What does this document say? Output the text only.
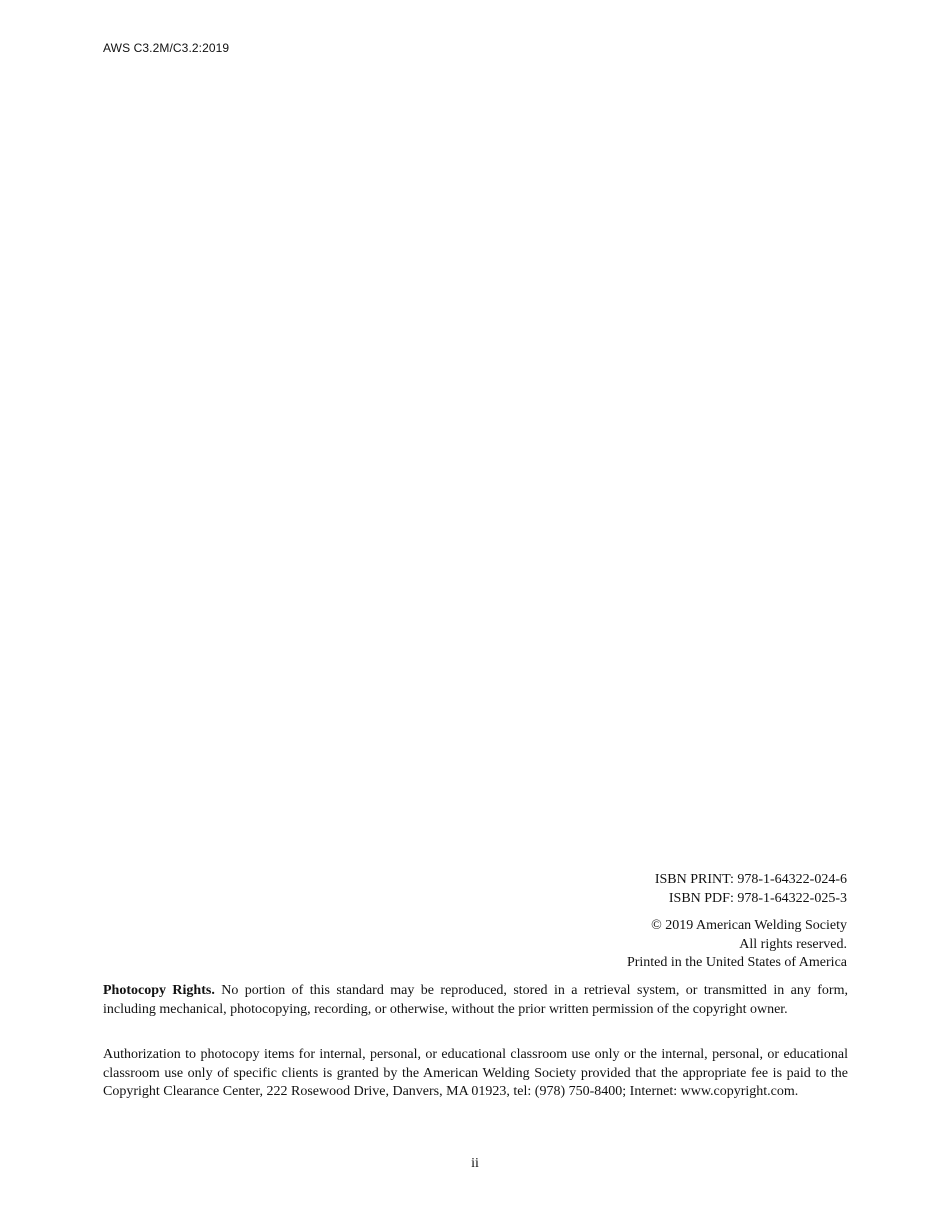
AWS C3.2M/C3.2:2019

ISBN PRINT: 978-1-64322-024-6

ISBN PDF: 978-1-64322-025-3

© 2019 American Welding Society

All rights reserved.

Printed in the United States of America

Photocopy Rights. No portion of this standard may be reproduced, stored in a retrieval system, or transmitted in any form, including mechanical, photocopying, recording, or otherwise, without the prior written permission of the copyright owner.

Authorization to photocopy items for internal, personal, or educational classroom use only or the internal, personal, or educational classroom use only of specific clients is granted by the American Welding Society provided that the appropriate fee is paid to the Copyright Clearance Center, 222 Rosewood Drive, Danvers, MA 01923, tel: (978) 750-8400; Internet: www.copyright.com.

ii
